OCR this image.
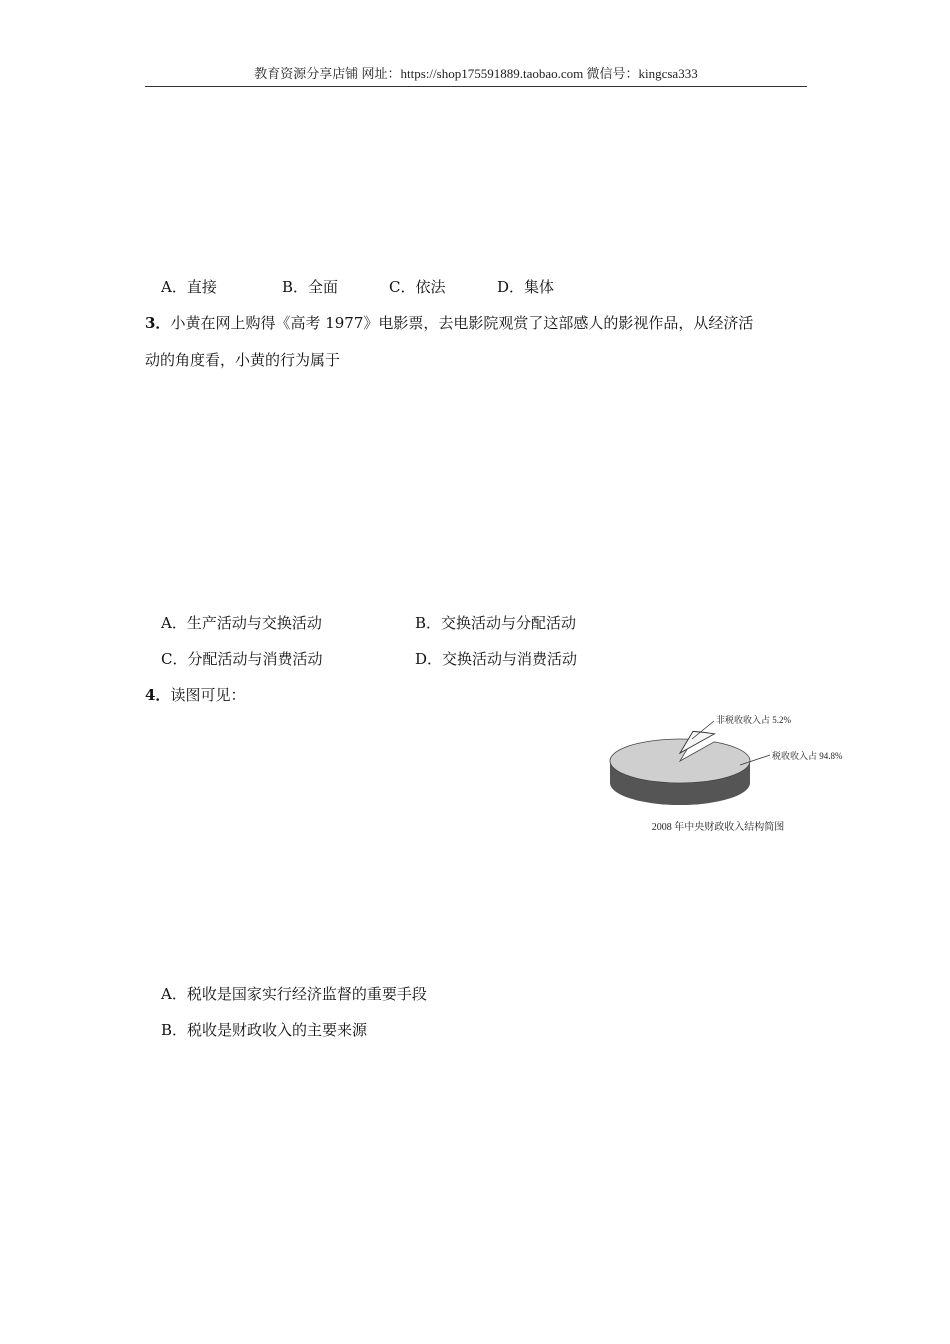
教育资源分享店铺 网址：https://shop175591889.taobao.com 微信号：kingcsa333
A．直接	B．全面	C．依法	D．集体
3．小黄在网上购得《高考 1977》电影票，去电影院观赏了这部感人的影视作品，从经济活
动的角度看，小黄的行为属于
A．生产活动与交换活动	B．交换活动与分配活动
C．分配活动与消费活动	D．交换活动与消费活动
4．读图可见：
非税收收入占 5.2%
税收收入占 94.8%
2008 年中央财政收入结构简图
A．税收是国家实行经济监督的重要手段
B．税收是财政收入的主要来源
